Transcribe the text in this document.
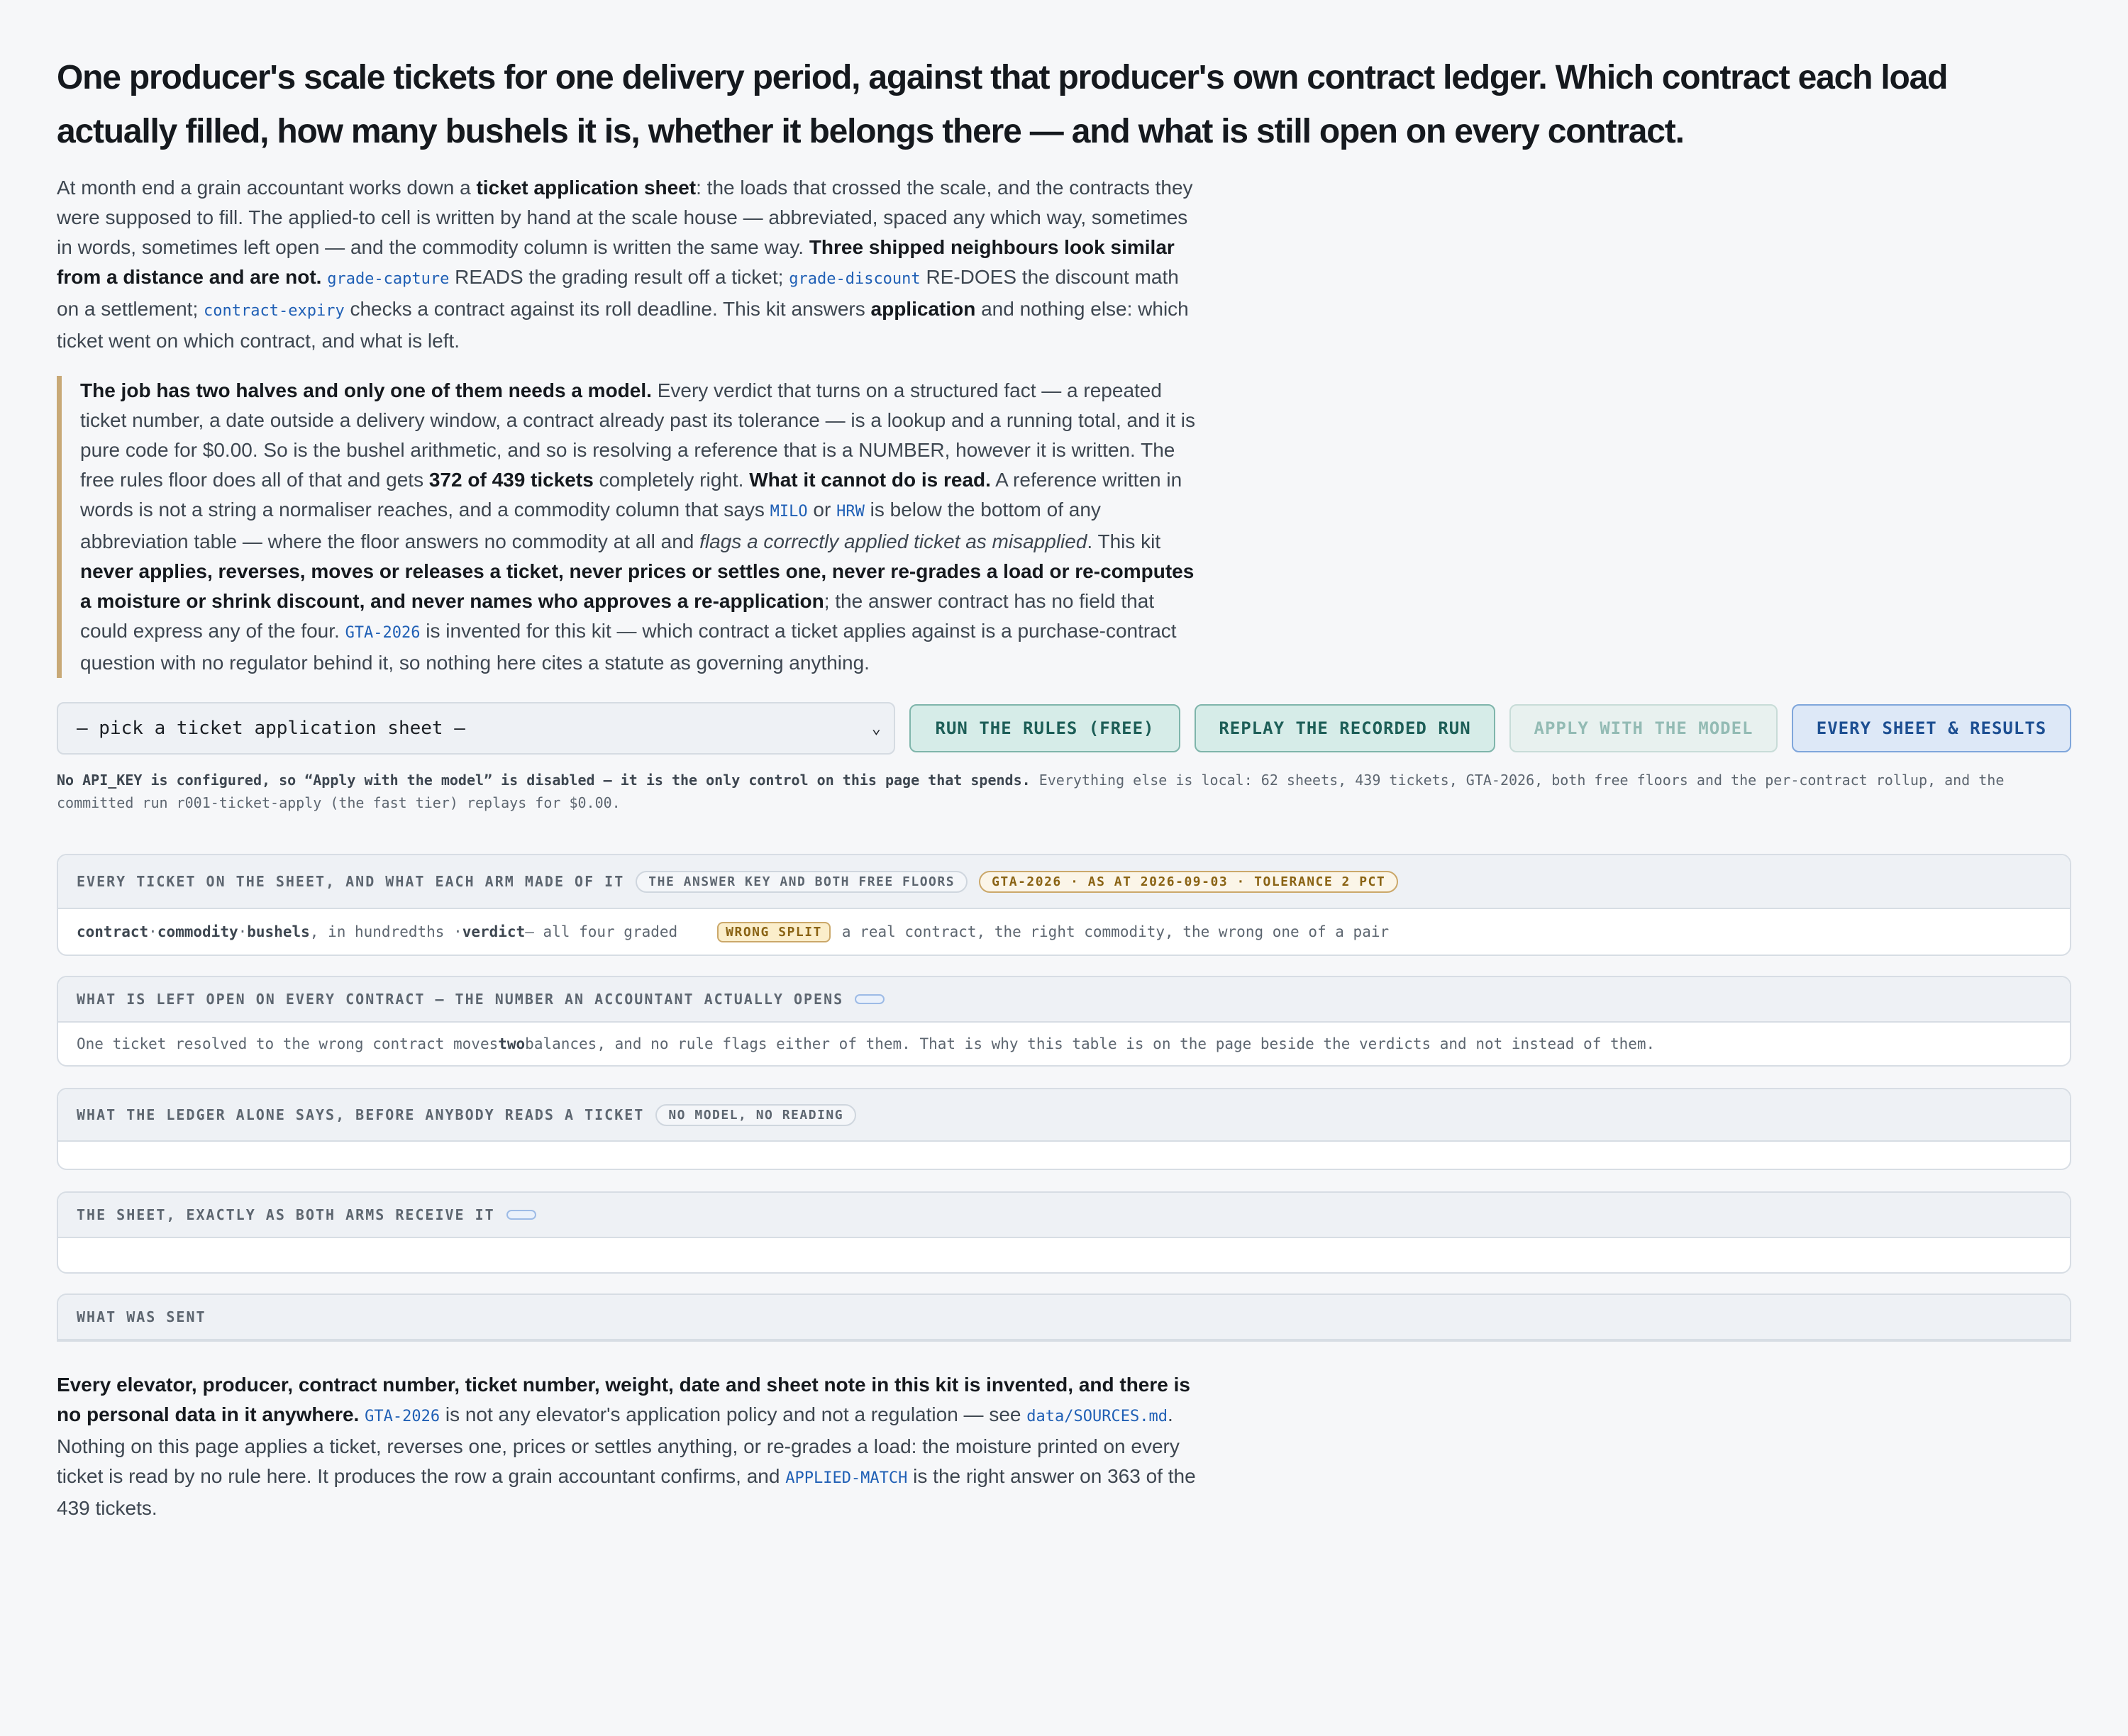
One producer's scale tickets for one delivery period, against that producer's own contract ledger. Which contract each load actually filled, how many bushels it is, whether it belongs there — and what is still open on every contract.

At month end a grain accountant works down a ticket application sheet: the loads that crossed the scale, and the contracts they were supposed to fill. The applied-to cell is written by hand at the scale house — abbreviated, spaced any which way, sometimes in words, sometimes left open — and the commodity column is written the same way. Three shipped neighbours look similar from a distance and are not. grade-capture READS the grading result off a ticket; grade-discount RE-DOES the discount math on a settlement; contract-expiry checks a contract against its roll deadline. This kit answers application and nothing else: which ticket went on which contract, and what is left.

The job has two halves and only one of them needs a model. Every verdict that turns on a structured fact — a repeated ticket number, a date outside a delivery window, a contract already past its tolerance — is a lookup and a running total, and it is pure code for $0.00. So is the bushel arithmetic, and so is resolving a reference that is a NUMBER, however it is written. The free rules floor does all of that and gets 372 of 439 tickets completely right. What it cannot do is read. A reference written in words is not a string a normaliser reaches, and a commodity column that says MILO or HRW is below the bottom of any abbreviation table — where the floor answers no commodity at all and flags a correctly applied ticket as misapplied. This kit never applies, reverses, moves or releases a ticket, never prices or settles one, never re-grades a load or re-computes a moisture or shrink discount, and never names who approves a re-application; the answer contract has no field that could express any of the four. GTA-2026 is invented for this kit — which contract a ticket applies against is a purchase-contract question with no regulator behind it, so nothing here cites a statute as governing anything.
— pick a ticket application sheet —	⌄	RUN THE RULES (FREE)	REPLAY THE RECORDED RUN	APPLY WITH THE MODEL	EVERY SHEET & RESULTS
No API_KEY is configured, so “Apply with the model” is disabled — it is the only control on this page that spends. Everything else is local: 62 sheets, 439 tickets, GTA-2026, both free floors and the per-contract rollup, and the committed run r001-ticket-apply (the fast tier) replays for $0.00.
EVERY TICKET ON THE SHEET, AND WHAT EACH ARM MADE OF IT	THE ANSWER KEY AND BOTH FREE FLOORS	GTA-2026 · AS AT 2026-09-03 · TOLERANCE 2 PCT
contract · commodity · bushels , in hundredths · verdict — all four graded	WRONG SPLIT	a real contract, the right commodity, the wrong one of a pair
WHAT IS LEFT OPEN ON EVERY CONTRACT — THE NUMBER AN ACCOUNTANT ACTUALLY OPENS
One ticket resolved to the wrong contract moves two balances, and no rule flags either of them. That is why this table is on the page beside the verdicts and not instead of them.
WHAT THE LEDGER ALONE SAYS, BEFORE ANYBODY READS A TICKET	NO MODEL, NO READING
THE SHEET, EXACTLY AS BOTH ARMS RECEIVE IT
WHAT WAS SENT
Every elevator, producer, contract number, ticket number, weight, date and sheet note in this kit is invented, and there is no personal data in it anywhere. GTA-2026 is not any elevator's application policy and not a regulation — see data/SOURCES.md. Nothing on this page applies a ticket, reverses one, prices or settles anything, or re-grades a load: the moisture printed on every ticket is read by no rule here. It produces the row a grain accountant confirms, and APPLIED-MATCH is the right answer on 363 of the 439 tickets.
